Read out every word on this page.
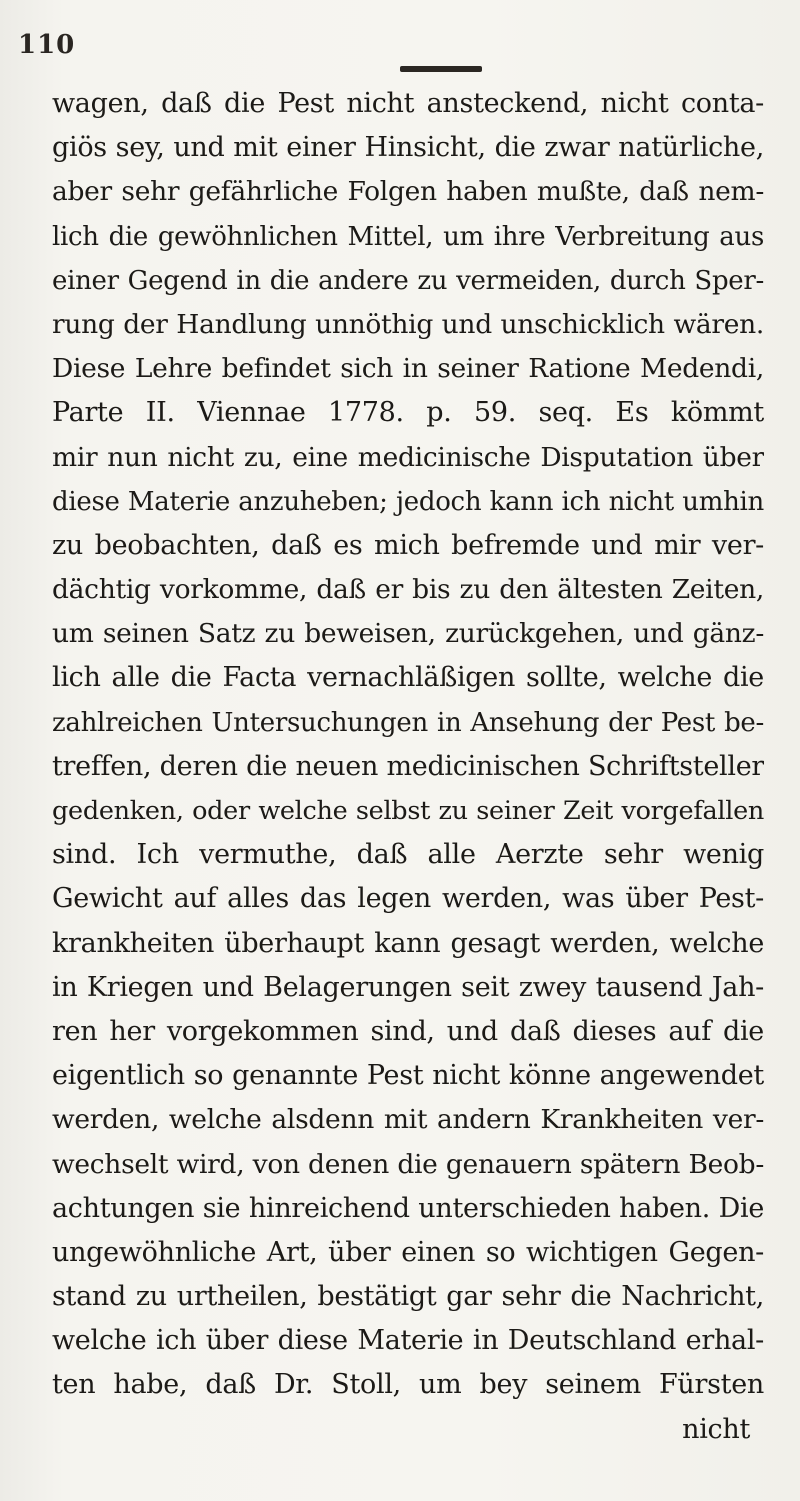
110
wagen, daß die Pest nicht ansteckend, nicht conta-
giös sey, und mit einer Hinsicht, die zwar natürliche,
aber sehr gefährliche Folgen haben mußte, daß nem-
lich die gewöhnlichen Mittel, um ihre Verbreitung aus
einer Gegend in die andere zu vermeiden, durch Sper-
rung der Handlung unnöthig und unschicklich wären.
Diese Lehre befindet sich in seiner Ratione Medendi,
Parte II. Viennae 1778. p. 59. seq. Es kömmt
mir nun nicht zu, eine medicinische Disputation über
diese Materie anzuheben; jedoch kann ich nicht umhin
zu beobachten, daß es mich befremde und mir ver-
dächtig vorkomme, daß er bis zu den ältesten Zeiten,
um seinen Satz zu beweisen, zurückgehen, und gänz-
lich alle die Facta vernachläßigen sollte, welche die
zahlreichen Untersuchungen in Ansehung der Pest be-
treffen, deren die neuen medicinischen Schriftsteller
gedenken, oder welche selbst zu seiner Zeit vorgefallen
sind. Ich vermuthe, daß alle Aerzte sehr wenig
Gewicht auf alles das legen werden, was über Pest-
krankheiten überhaupt kann gesagt werden, welche
in Kriegen und Belagerungen seit zwey tausend Jah-
ren her vorgekommen sind, und daß dieses auf die
eigentlich so genannte Pest nicht könne angewendet
werden, welche alsdenn mit andern Krankheiten ver-
wechselt wird, von denen die genauern spätern Beob-
achtungen sie hinreichend unterschieden haben. Die
ungewöhnliche Art, über einen so wichtigen Gegen-
stand zu urtheilen, bestätigt gar sehr die Nachricht,
welche ich über diese Materie in Deutschland erhal-
ten habe, daß Dr. Stoll, um bey seinem Fürsten
nicht
